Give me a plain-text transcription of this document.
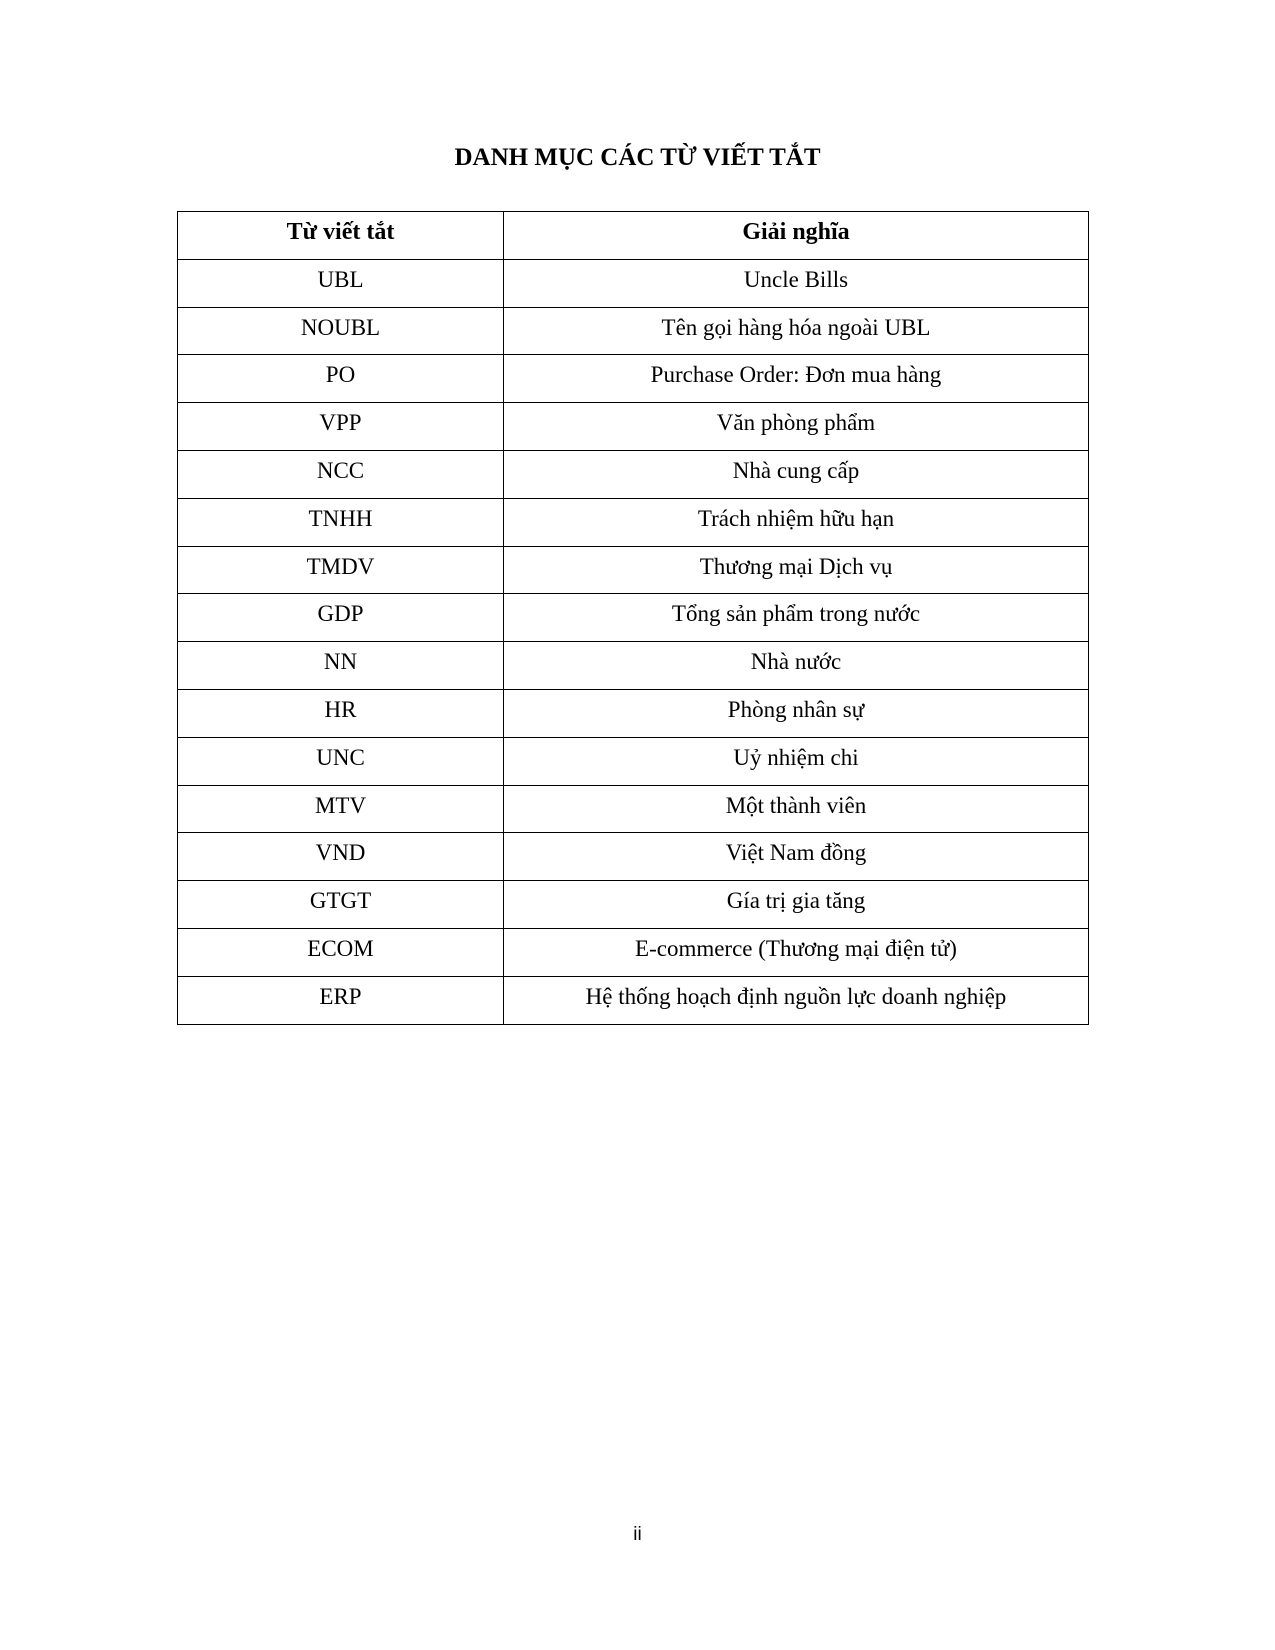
DANH MỤC CÁC TỪ VIẾT TẮT
Từ viết tắt	Giải nghĩa
UBL	Uncle Bills
NOUBL	Tên gọi hàng hóa ngoài UBL
PO	Purchase Order: Đơn mua hàng
VPP	Văn phòng phẩm
NCC	Nhà cung cấp
TNHH	Trách nhiệm hữu hạn
TMDV	Thương mại Dịch vụ
GDP	Tổng sản phẩm trong nước
NN	Nhà nước
HR	Phòng nhân sự
UNC	Uỷ nhiệm chi
MTV	Một thành viên
VND	Việt Nam đồng
GTGT	Gía trị gia tăng
ECOM	E-commerce (Thương mại điện tử)
ERP	Hệ thống hoạch định nguồn lực doanh nghiệp
ii
